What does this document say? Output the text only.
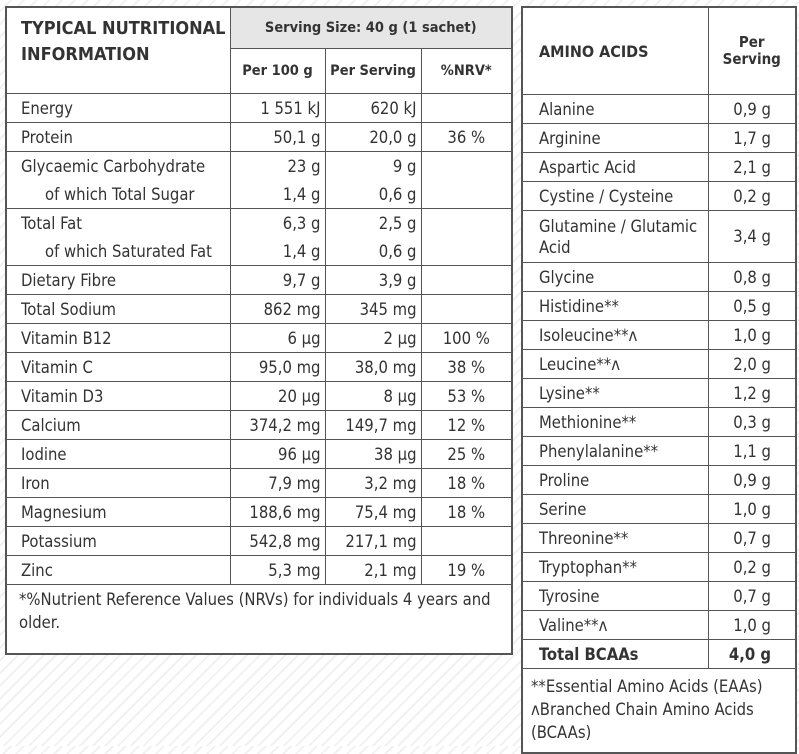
TYPICAL NUTRITIONAL INFORMATION	Serving Size: 40 g (1 sachet)		
	Per 100 g	Per Serving	%NRV*
Energy	1 551 kJ	620 kJ	
Protein	50,1 g	20,0 g	36 %
Glycaemic Carbohydrate	23 g	9 g	
of which Total Sugar	1,4 g	0,6 g	
Total Fat	6,3 g	2,5 g	
of which Saturated Fat	1,4 g	0,6 g	
Dietary Fibre	9,7 g	3,9 g	
Total Sodium	862 mg	345 mg	
Vitamin B12	6 µg	2 µg	100 %
Vitamin C	95,0 mg	38,0 mg	38 %
Vitamin D3	20 µg	8 µg	53 %
Calcium	374,2 mg	149,7 mg	12 %
Iodine	96 µg	38 µg	25 %
Iron	7,9 mg	3,2 mg	18 %
Magnesium	188,6 mg	75,4 mg	18 %
Potassium	542,8 mg	217,1 mg	
Zinc	5,3 mg	2,1 mg	19 %
*%Nutrient Reference Values (NRVs) for individuals 4 years and older.			
AMINO ACIDS	Per Serving
Alanine	0,9 g
Arginine	1,7 g
Aspartic Acid	2,1 g
Cystine / Cysteine	0,2 g
Glutamine / Glutamic Acid	3,4 g
Glycine	0,8 g
Histidine**	0,5 g
Isoleucine**ᴧ	1,0 g
Leucine**ᴧ	2,0 g
Lysine**	1,2 g
Methionine**	0,3 g
Phenylalanine**	1,1 g
Proline	0,9 g
Serine	1,0 g
Threonine**	0,7 g
Tryptophan**	0,2 g
Tyrosine	0,7 g
Valine**ᴧ	1,0 g
Total BCAAs	4,0 g

**Essential Amino Acids (EAAs)
ᴧBranched Chain Amino Acids (BCAAs)	
